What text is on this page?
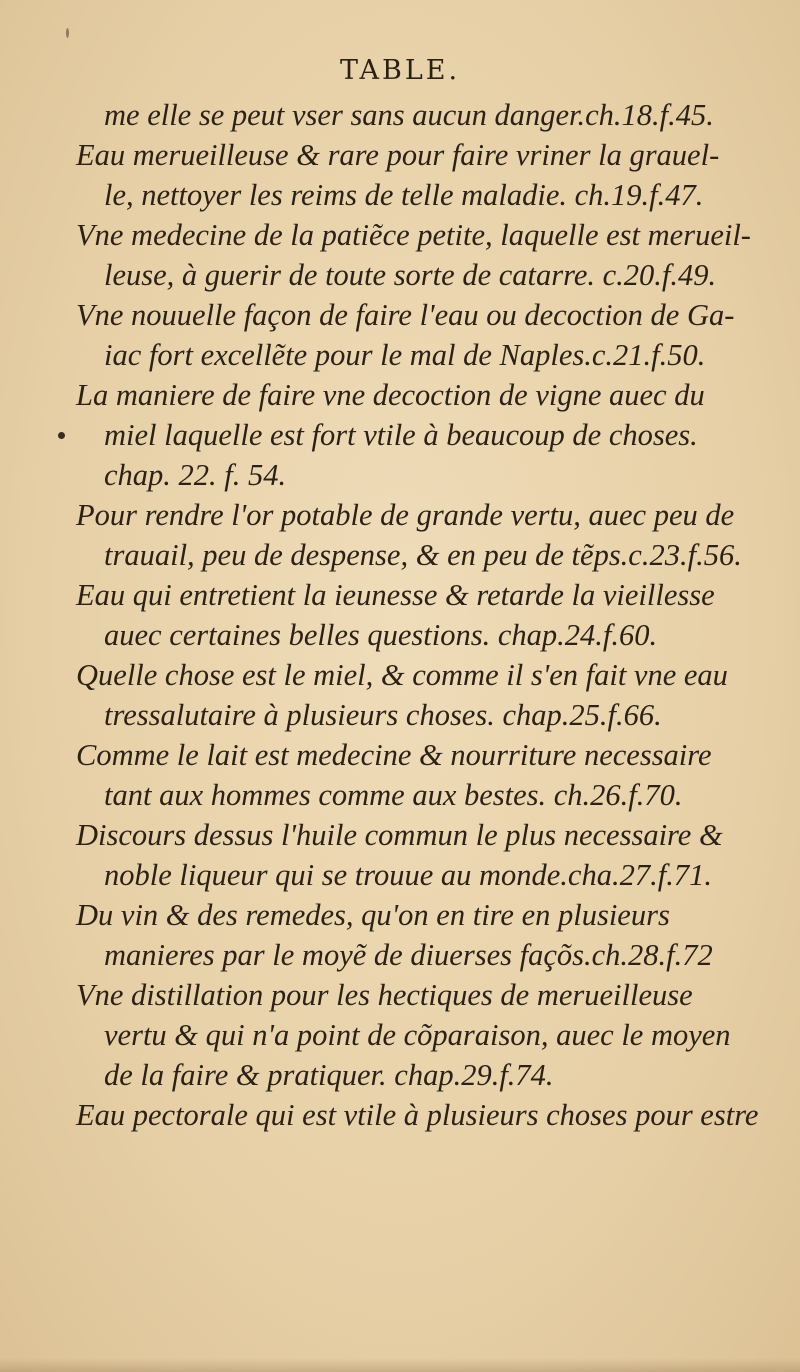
TABLE.
me elle se peut vser sans aucun danger.ch.18.f.45.
Eau merueilleuse & rare pour faire vriner la grauel-
le, nettoyer les reims de telle maladie. ch.19.f.47.
Vne medecine de la patiẽce petite, laquelle est merueil-
leuse, à guerir de toute sorte de catarre. c.20.f.49.
Vne nouuelle façon de faire l'eau ou decoction de Ga-
iac fort excellẽte pour le mal de Naples.c.21.f.50.
La maniere de faire vne decoction de vigne auec du
miel laquelle est fort vtile à beaucoup de choses.
chap. 22. f. 54.
Pour rendre l'or potable de grande vertu, auec peu de
trauail, peu de despense, & en peu de tẽps.c.23.f.56.
Eau qui entretient la ieunesse & retarde la vieillesse
auec certaines belles questions. chap.24.f.60.
Quelle chose est le miel, & comme il s'en fait vne eau
tressalutaire à plusieurs choses. chap.25.f.66.
Comme le lait est medecine & nourriture necessaire
tant aux hommes comme aux bestes. ch.26.f.70.
Discours dessus l'huile commun le plus necessaire &
noble liqueur qui se trouue au monde.cha.27.f.71.
Du vin & des remedes, qu'on en tire en plusieurs
manieres par le moyẽ de diuerses façõs.ch.28.f.72
Vne distillation pour les hectiques de merueilleuse
vertu & qui n'a point de cõparaison, auec le moyen
de la faire & pratiquer. chap.29.f.74.
Eau pectorale qui est vtile à plusieurs choses pour estre
